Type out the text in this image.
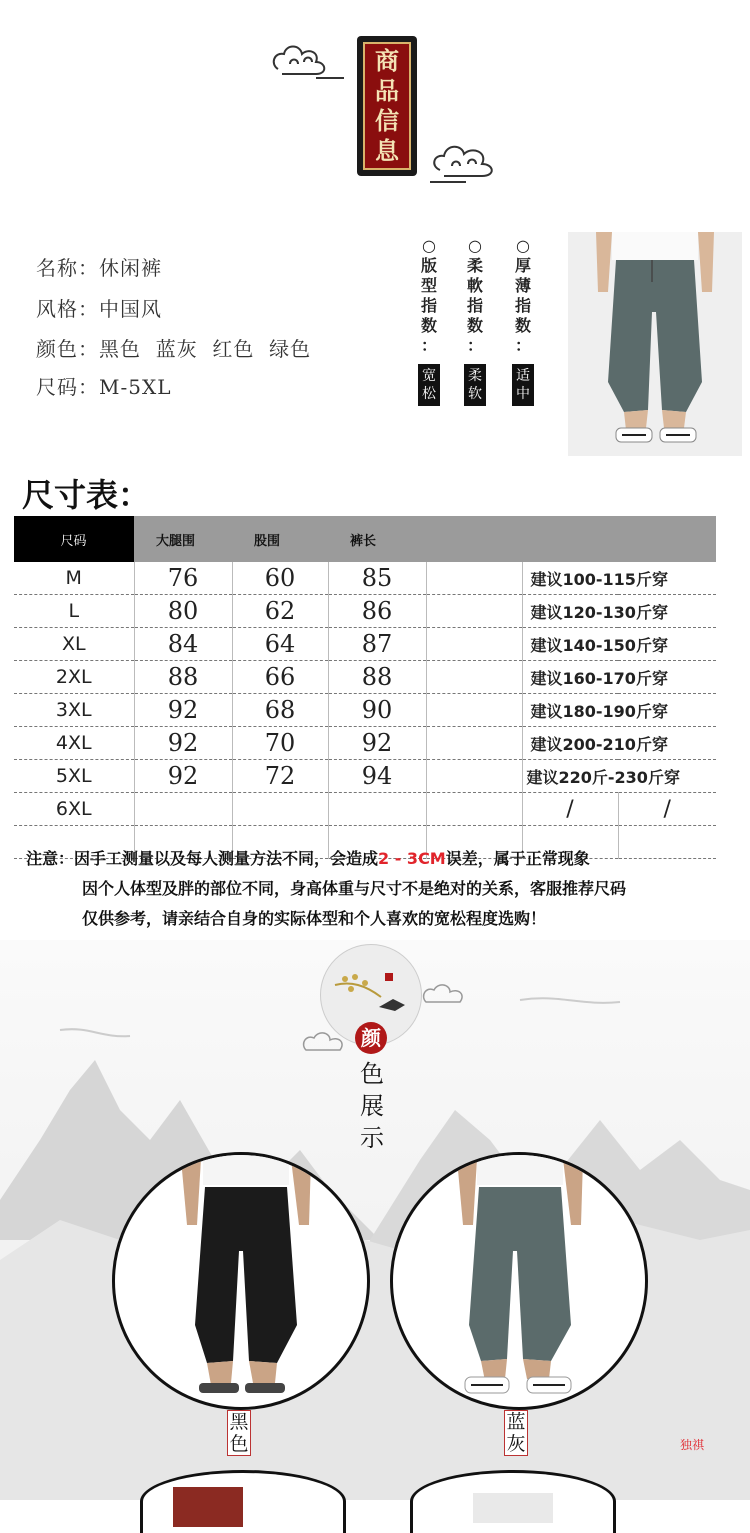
商
品
信
息
名称：休闲裤
风格：中国风
颜色：黑色  蓝灰  红色  绿色
尺码：M-5XL
○
版
型
指
数
：
宽
松
○
柔
軟
指
数
：
柔
软
○
厚
薄
指
数
：
适
中
尺寸表：
尺码	大腿围	股围	裤长			
M	76	60	85		建议100-115斤穿	
L	80	62	86		建议120-130斤穿	
XL	84	64	87		建议140-150斤穿	
2XL	88	66	88		建议160-170斤穿	
3XL	92	68	90		建议180-190斤穿	
4XL	92	70	92		建议200-210斤穿	
5XL	92	72	94		建议220斤-230斤穿	
6XL					/	/

注意：因手工测量以及每人测量方法不同，会造成2 - 3CM误差，属于正常现象
因个人体型及胖的部位不同，身高体重与尺寸不是绝对的关系，客服推荐尺码
仅供参考，请亲结合自身的实际体型和个人喜欢的宽松程度选购！
颜
色
展
示
黑
色
蓝
灰	独祺
